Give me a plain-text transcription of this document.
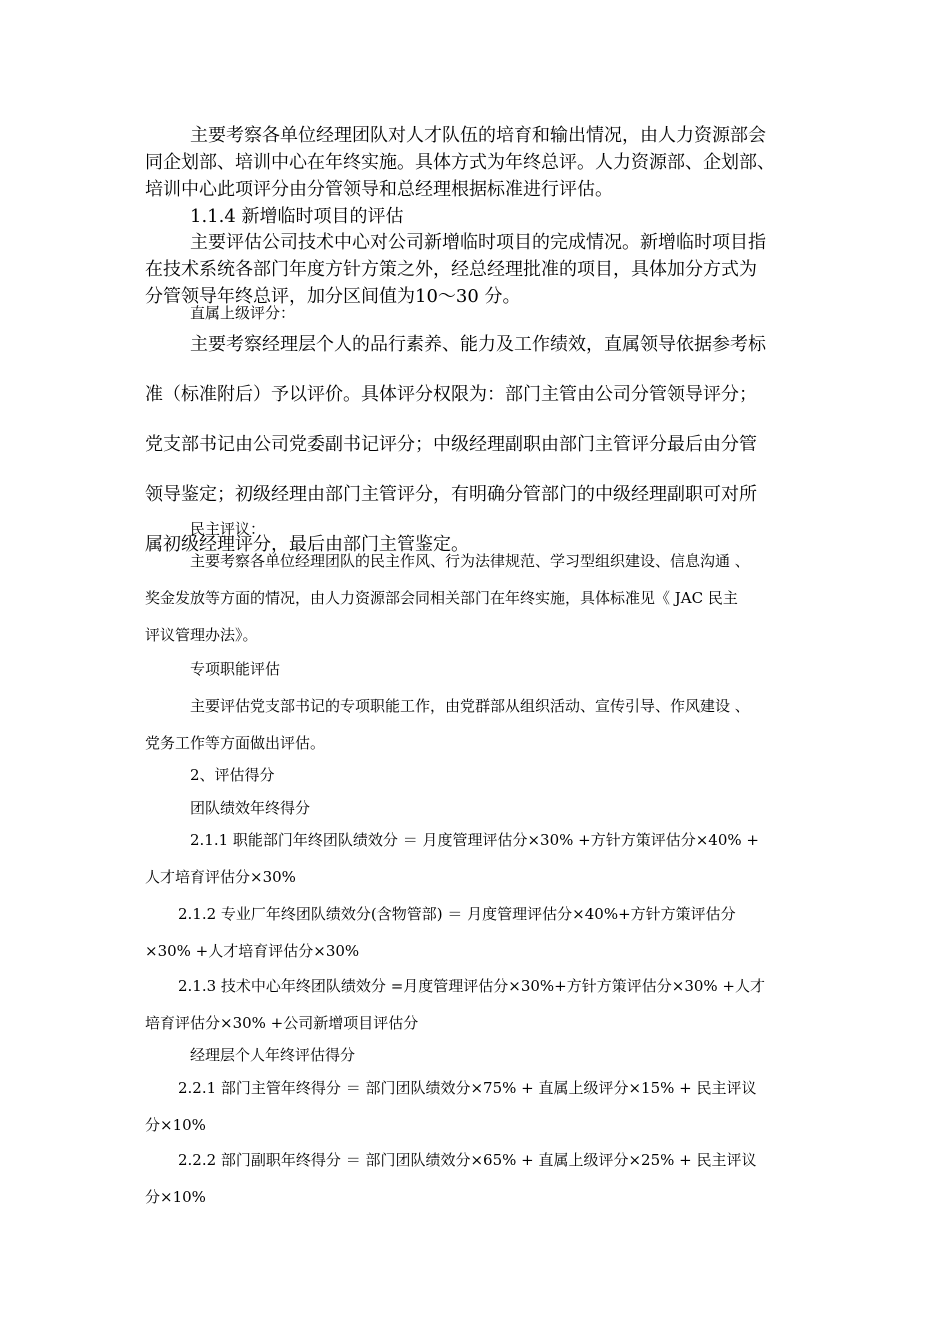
主要考察各单位经理团队对人才队伍的培育和输出情况，由人力资源部会
同企划部、培训中心在年终实施。具体方式为年终总评。人力资源部、企划部、
培训中心此项评分由分管领导和总经理根据标准进行评估。
1.1.4 新增临时项目的评估
主要评估公司技术中心对公司新增临时项目的完成情况。新增临时项目指
在技术系统各部门年度方针方策之外，经总经理批准的项目，具体加分方式为
分管领导年终总评，加分区间值为10～30 分。
直属上级评分：
主要考察经理层个人的品行素养、能力及工作绩效，直属领导依据参考标
准（标准附后）予以评价。具体评分权限为：部门主管由公司分管领导评分；
党支部书记由公司党委副书记评分；中级经理副职由部门主管评分最后由分管
领导鉴定；初级经理由部门主管评分，有明确分管部门的中级经理副职可对所
属初级经理评分，最后由部门主管鉴定。
民主评议：
主要考察各单位经理团队的民主作风、行为法律规范、学习型组织建设、信息沟通 、
奖金发放等方面的情况，由人力资源部会同相关部门在年终实施，具体标准见《 JAC 民主
评议管理办法》。
专项职能评估
主要评估党支部书记的专项职能工作，由党群部从组织活动、宣传引导、作风建设 、
党务工作等方面做出评估。
2、评估得分
团队绩效年终得分
2.1.1 职能部门年终团队绩效分 ＝ 月度管理评估分×30% +方针方策评估分×40% +
人才培育评估分×30%
2.1.2 专业厂年终团队绩效分(含物管部) ＝ 月度管理评估分×40%+方针方策评估分
×30% +人才培育评估分×30%
2.1.3 技术中心年终团队绩效分 =月度管理评估分×30%+方针方策评估分×30% +人才
培育评估分×30% +公司新增项目评估分
经理层个人年终评估得分
2.2.1 部门主管年终得分 ＝ 部门团队绩效分×75% + 直属上级评分×15% + 民主评议
分×10%
2.2.2 部门副职年终得分 ＝ 部门团队绩效分×65% + 直属上级评分×25% + 民主评议
分×10%
